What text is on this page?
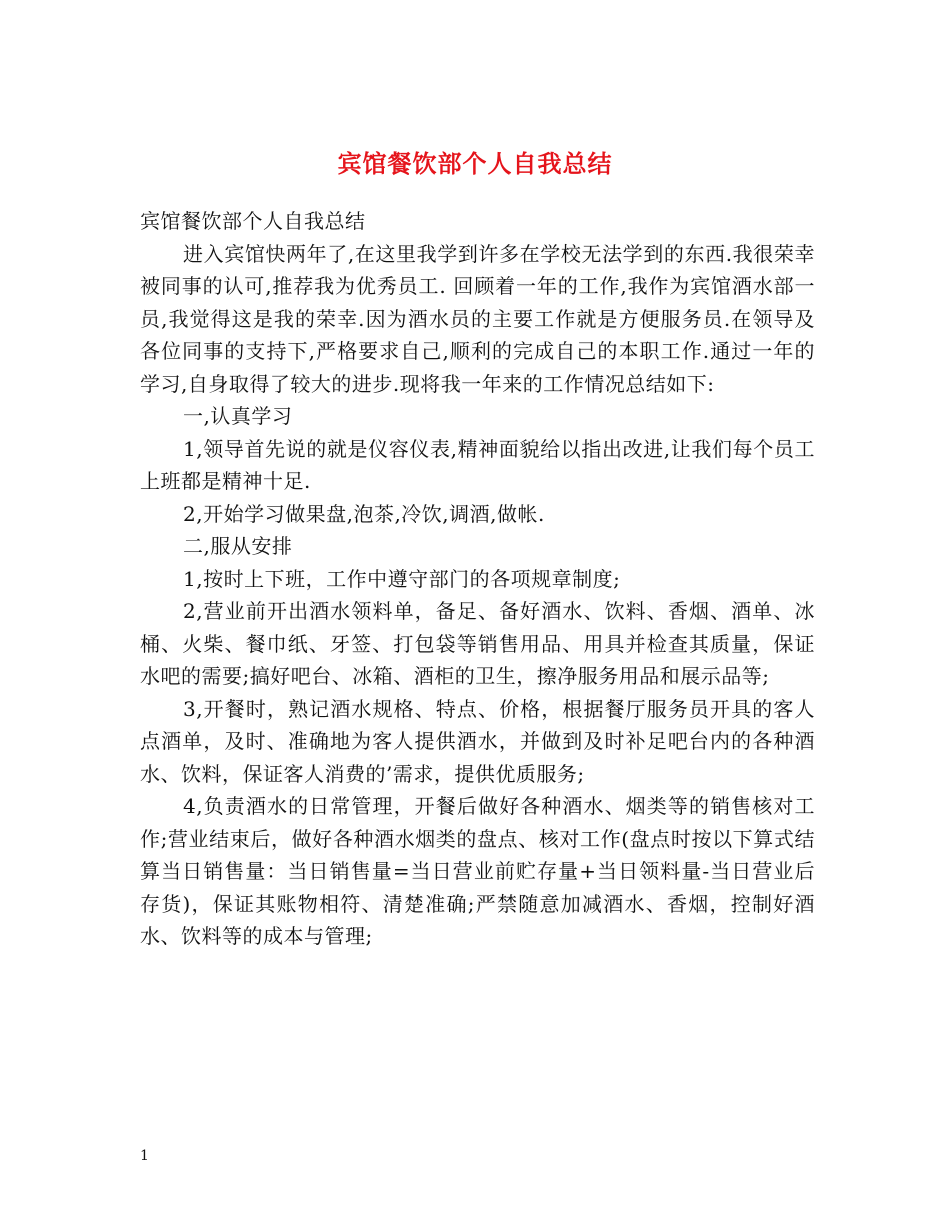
宾馆餐饮部个人自我总结

宾馆餐饮部个人自我总结

进入宾馆快两年了,在这里我学到许多在学校无法学到的东西.我很荣幸被同事的认可,推荐我为优秀员工. 回顾着一年的工作,我作为宾馆酒水部一员,我觉得这是我的荣幸.因为酒水员的主要工作就是方便服务员.在领导及各位同事的支持下,严格要求自己,顺利的完成自己的本职工作.通过一年的学习,自身取得了较大的进步.现将我一年来的工作情况总结如下:

一,认真学习

1,领导首先说的就是仪容仪表,精神面貌给以指出改进,让我们每个员工上班都是精神十足.

2,开始学习做果盘,泡茶,冷饮,调酒,做帐.

二,服从安排

1,按时上下班，工作中遵守部门的各项规章制度;

2,营业前开出酒水领料单，备足、备好酒水、饮料、香烟、酒单、冰桶、火柴、餐巾纸、牙签、打包袋等销售用品、用具并检查其质量，保证水吧的需要;搞好吧台、冰箱、酒柜的卫生，擦净服务用品和展示品等;

3,开餐时，熟记酒水规格、特点、价格，根据餐厅服务员开具的客人点酒单，及时、准确地为客人提供酒水，并做到及时补足吧台内的各种酒水、饮料，保证客人消费的’需求，提供优质服务;

4,负责酒水的日常管理，开餐后做好各种酒水、烟类等的销售核对工作;营业结束后，做好各种酒水烟类的盘点、核对工作(盘点时按以下算式结算当日销售量：当日销售量=当日营业前贮存量+当日领料量-当日营业后存货)，保证其账物相符、清楚准确;严禁随意加减酒水、香烟，控制好酒水、饮料等的成本与管理;

1
